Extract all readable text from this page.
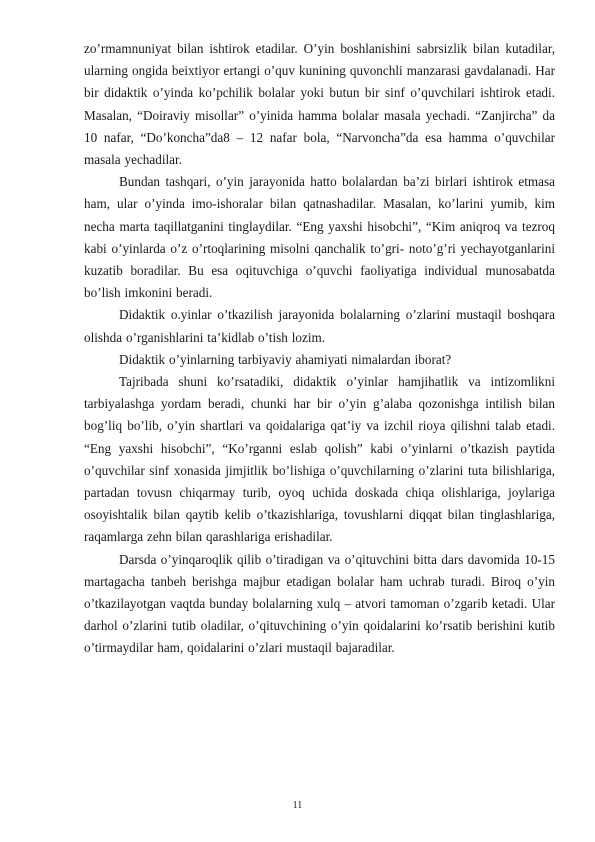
zo’rmamnuniyat bilan ishtirok etadilar. O’yin boshlanishini sabrsizlik bilan kutadilar, ularning ongida beixtiyor ertangi o’quv kunining quvonchli manzarasi gavdalanadi. Har bir didaktik o’yinda ko’pchilik bolalar yoki butun bir sinf o’quvchilari ishtirok etadi. Masalan, “Doiraviy misollar” o’yinida hamma bolalar masala yechadi. “Zanjircha” da 10 nafar, “Do’koncha”da8 – 12 nafar bola, “Narvoncha”da esa hamma o’quvchilar masala yechadilar.

Bundan tashqari, o’yin jarayonida hatto bolalardan ba’zi birlari ishtirok etmasa ham, ular o’yinda imo-ishoralar bilan qatnashadilar. Masalan, ko’larini yumib, kim necha marta taqillatganini tinglaydilar. “Eng yaxshi hisobchi”, “Kim aniqroq va tezroq kabi o’yinlarda o’z o’rtoqlarining misolni qanchalik to’gri- noto’g’ri yechayotganlarini kuzatib boradilar. Bu esa oqituvchiga o’quvchi faoliyatiga individual munosabatda bo’lish imkonini beradi.

Didaktik o.yinlar o’tkazilish jarayonida bolalarning o’zlarini mustaqil boshqara olishda o’rganishlarini ta’kidlab o’tish lozim.

Didaktik o’yinlarning tarbiyaviy ahamiyati nimalardan iborat?

Tajribada shuni ko’rsatadiki, didaktik o’yinlar hamjihatlik va intizomlikni tarbiyalashga yordam beradi, chunki har bir o’yin g’alaba qozonishga intilish bilan bog’liq bo’lib, o’yin shartlari va qoidalariga qat’iy va izchil rioya qilishni talab etadi. “Eng yaxshi hisobchi”, “Ko’rganni eslab qolish” kabi o’yinlarni o’tkazish paytida o’quvchilar sinf xonasida jimjitlik bo’lishiga o’quvchilarning o’zlarini tuta bilishlariga, partadan tovusn chiqarmay turib, oyoq uchida doskada chiqa olishlariga, joylariga osoyishtalik bilan qaytib kelib o’tkazishlariga, tovushlarni diqqat bilan tinglashlariga, raqamlarga zehn bilan qarashlariga erishadilar.

Darsda o’yinqaroqlik qilib o’tiradigan va o’qituvchini bitta dars davomida 10-15 martagacha tanbeh berishga majbur etadigan bolalar ham uchrab turadi. Biroq o’yin o’tkazilayotgan vaqtda bunday bolalarning xulq – atvori tamoman o’zgarib ketadi. Ular darhol o’zlarini tutib oladilar, o’qituvchining o’yin qoidalarini ko’rsatib berishini kutib o’tirmaydilar ham, qoidalarini o’zlari mustaqil bajaradilar.

11
